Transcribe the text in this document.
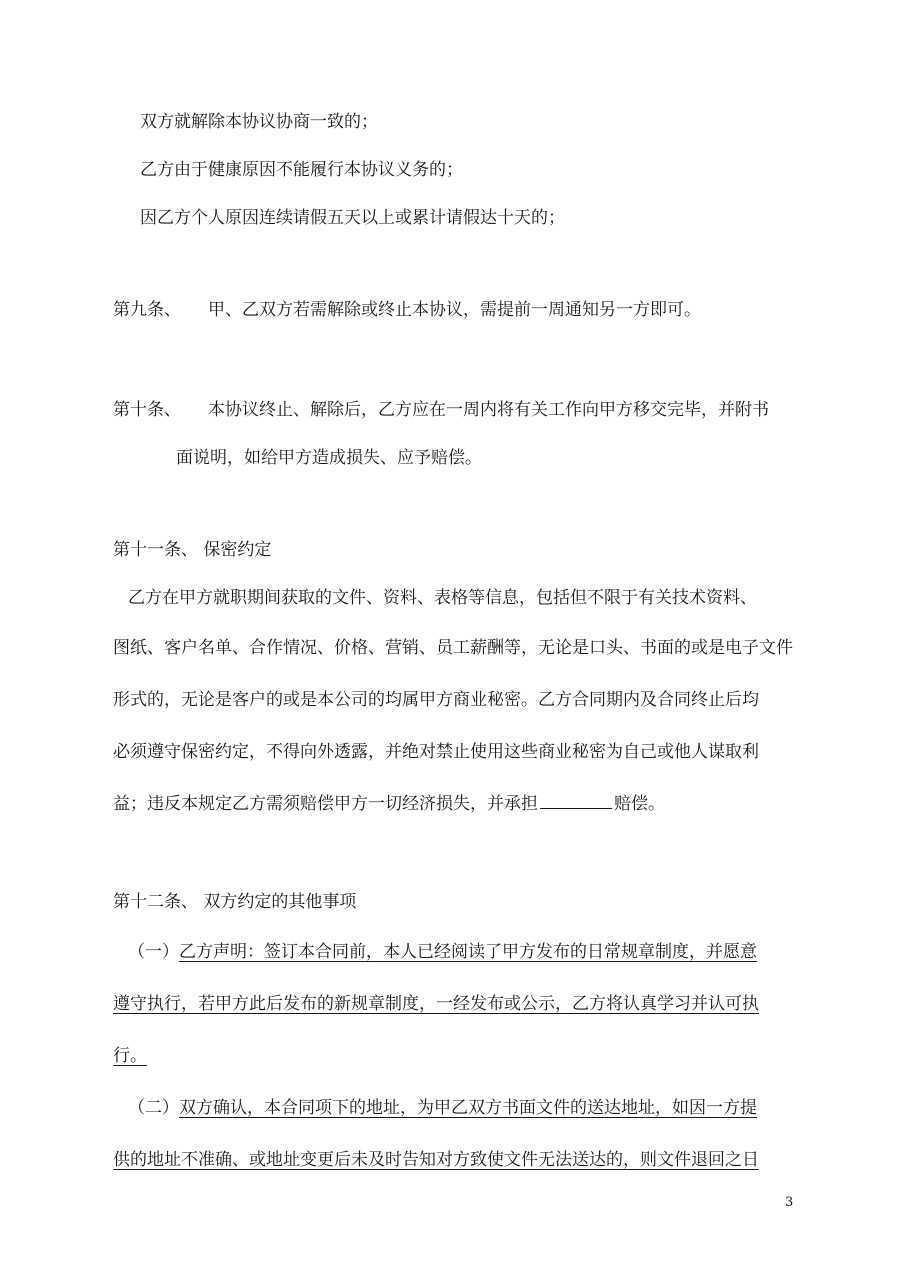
双方就解除本协议协商一致的；
乙方由于健康原因不能履行本协议义务的；
因乙方个人原因连续请假五天以上或累计请假达十天的；
第九条、 甲、乙双方若需解除或终止本协议，需提前一周通知另一方即可。
第十条、 本协议终止、解除后，乙方应在一周内将有关工作向甲方移交完毕，并附书
面说明，如给甲方造成损失、应予赔偿。
第十一条、 保密约定
乙方在甲方就职期间获取的文件、资料、表格等信息，包括但不限于有关技术资料、
图纸、客户名单、合作情况、价格、营销、员工薪酬等，无论是口头、书面的或是电子文件
形式的，无论是客户的或是本公司的均属甲方商业秘密。乙方合同期内及合同终止后均
必须遵守保密约定，不得向外透露，并绝对禁止使用这些商业秘密为自己或他人谋取利
益；违反本规定乙方需须赔偿甲方一切经济损失，并承担	赔偿。
第十二条、 双方约定的其他事项
（一）乙方声明：签订本合同前，本人已经阅读了甲方发布的日常规章制度，并愿意
遵守执行，若甲方此后发布的新规章制度，一经发布或公示，乙方将认真学习并认可执
行。
（二）双方确认，本合同项下的地址，为甲乙双方书面文件的送达地址，如因一方提
供的地址不准确、或地址变更后未及时告知对方致使文件无法送达的，则文件退回之日
3
